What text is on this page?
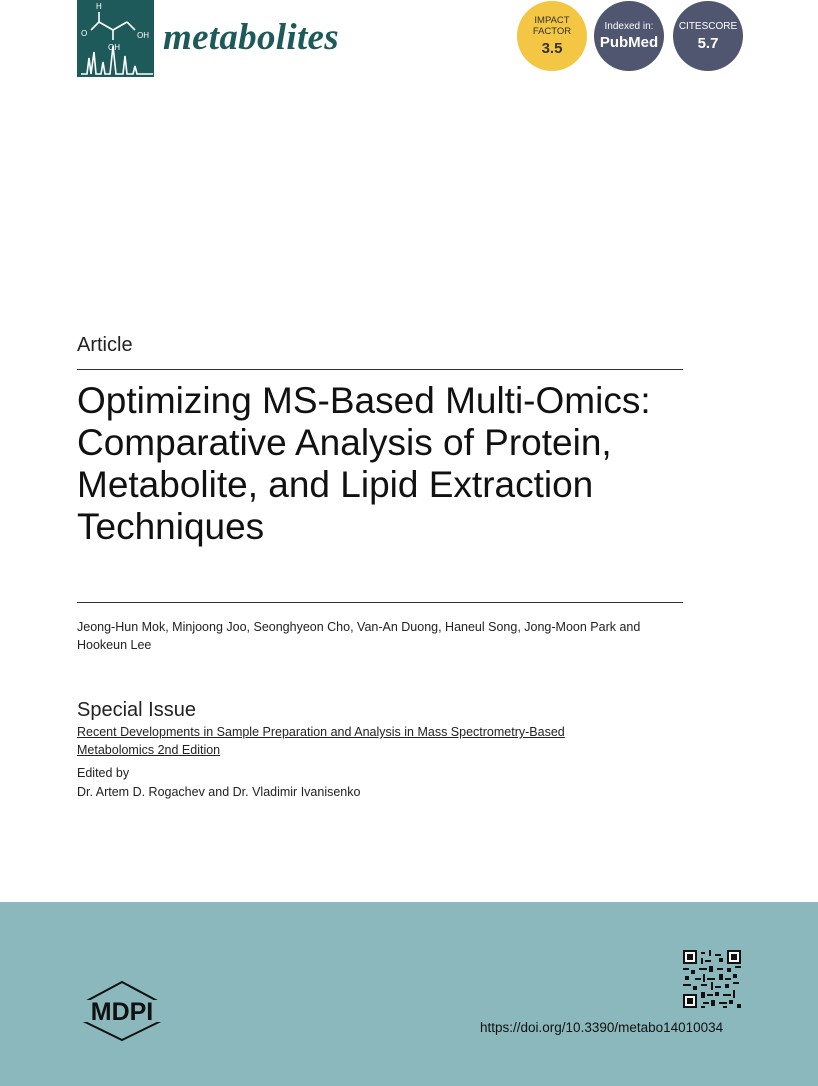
H
O	OH
OH metabolites	IMPACT
FACTOR
3.5
Indexed in:
PubMed
CITESCORE
5.7
Article
Optimizing MS-Based Multi-Omics: Comparative Analysis of Protein, Metabolite, and Lipid Extraction Techniques
Jeong-Hun Mok, Minjoong Joo, Seonghyeon Cho, Van-An Duong, Haneul Song, Jong-Moon Park and Hookeun Lee
Special Issue
Recent Developments in Sample Preparation and Analysis in Mass Spectrometry-Based Metabolomics 2nd Edition
Edited by
Dr. Artem D. Rogachev and Dr. Vladimir Ivanisenko
MDPI
https://doi.org/10.3390/metabo14010034
